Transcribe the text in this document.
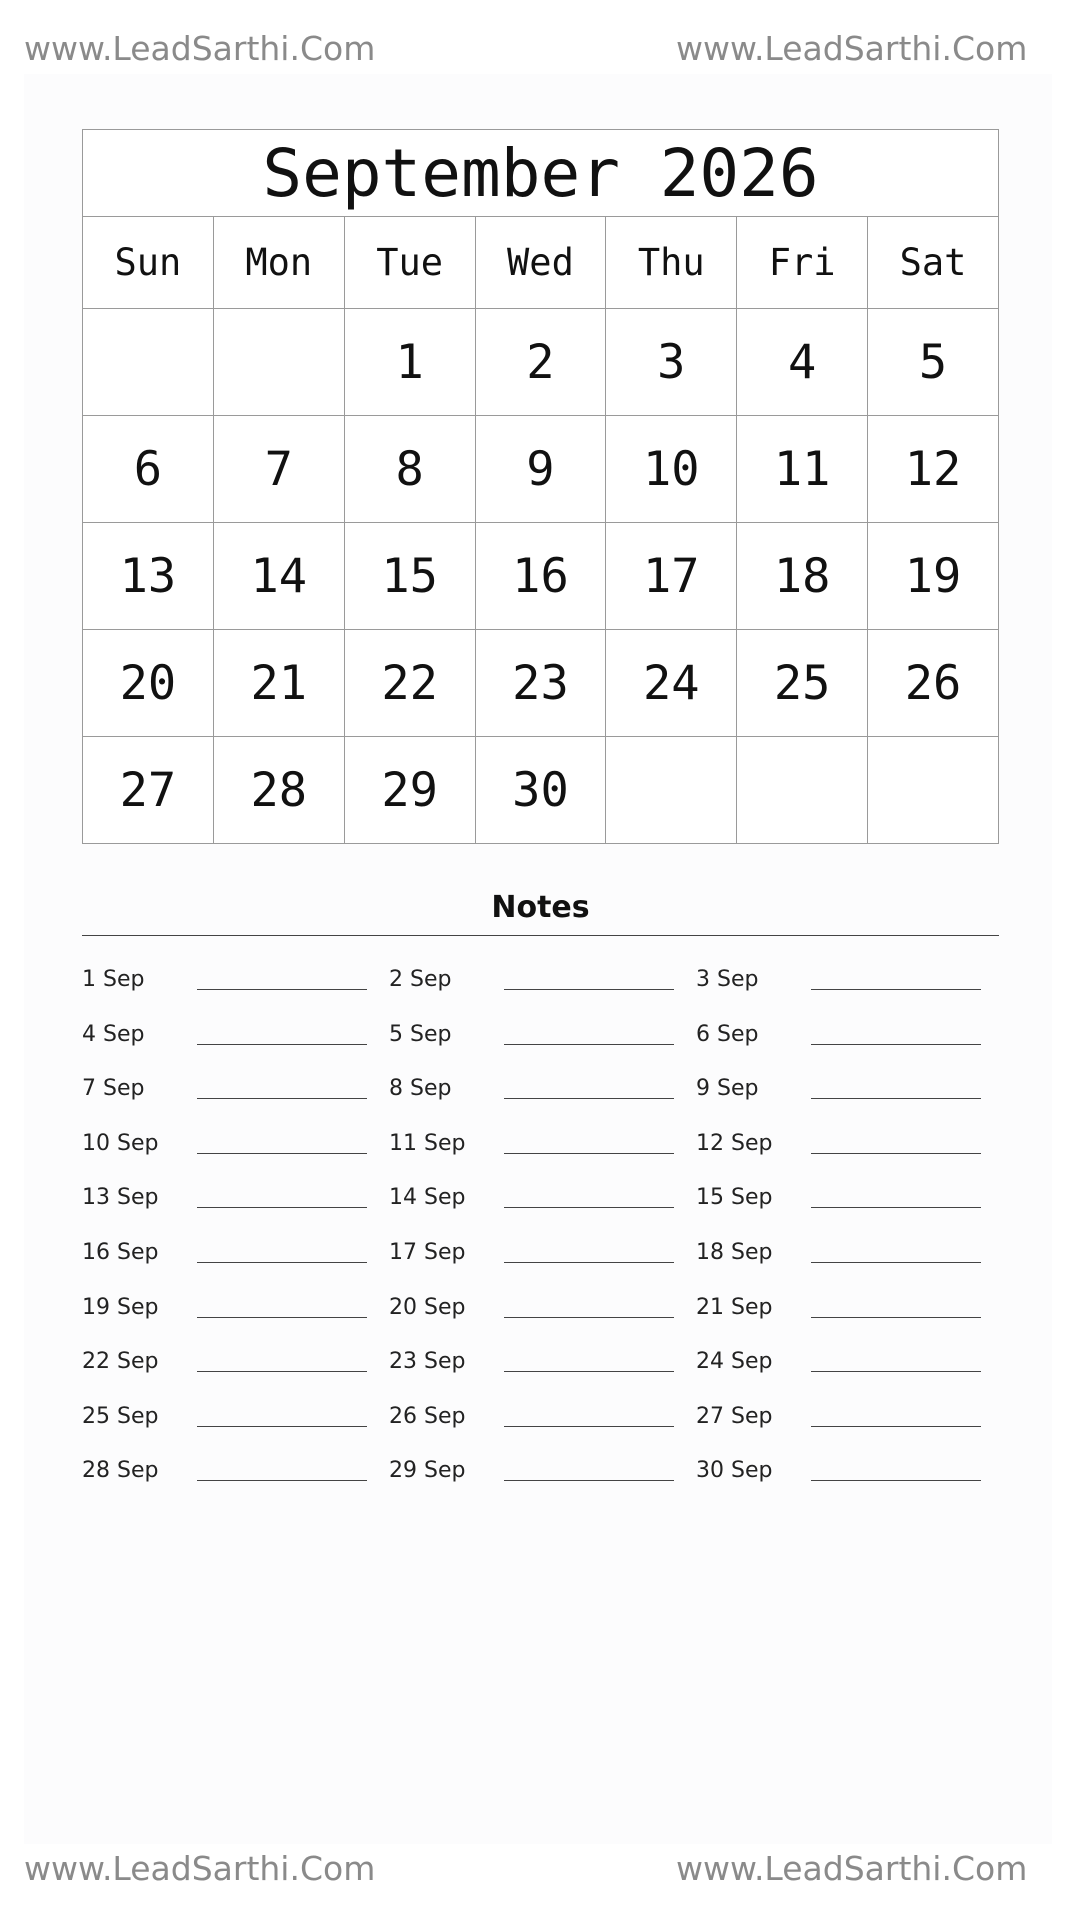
www.LeadSarthi.Com	www.LeadSarthi.Com
September 2026						
Sun	Mon	Tue	Wed	Thu	Fri	Sat
		1	2	3	4	5
6	7	8	9	10	11	12
13	14	15	16	17	18	19
20	21	22	23	24	25	26
27	28	29	30			
Notes
1 Sep	2 Sep	3 Sep
4 Sep	5 Sep	6 Sep
7 Sep	8 Sep	9 Sep
10 Sep	11 Sep	12 Sep
13 Sep	14 Sep	15 Sep
16 Sep	17 Sep	18 Sep
19 Sep	20 Sep	21 Sep
22 Sep	23 Sep	24 Sep
25 Sep	26 Sep	27 Sep
28 Sep	29 Sep	30 Sep
www.LeadSarthi.Com	www.LeadSarthi.Com
